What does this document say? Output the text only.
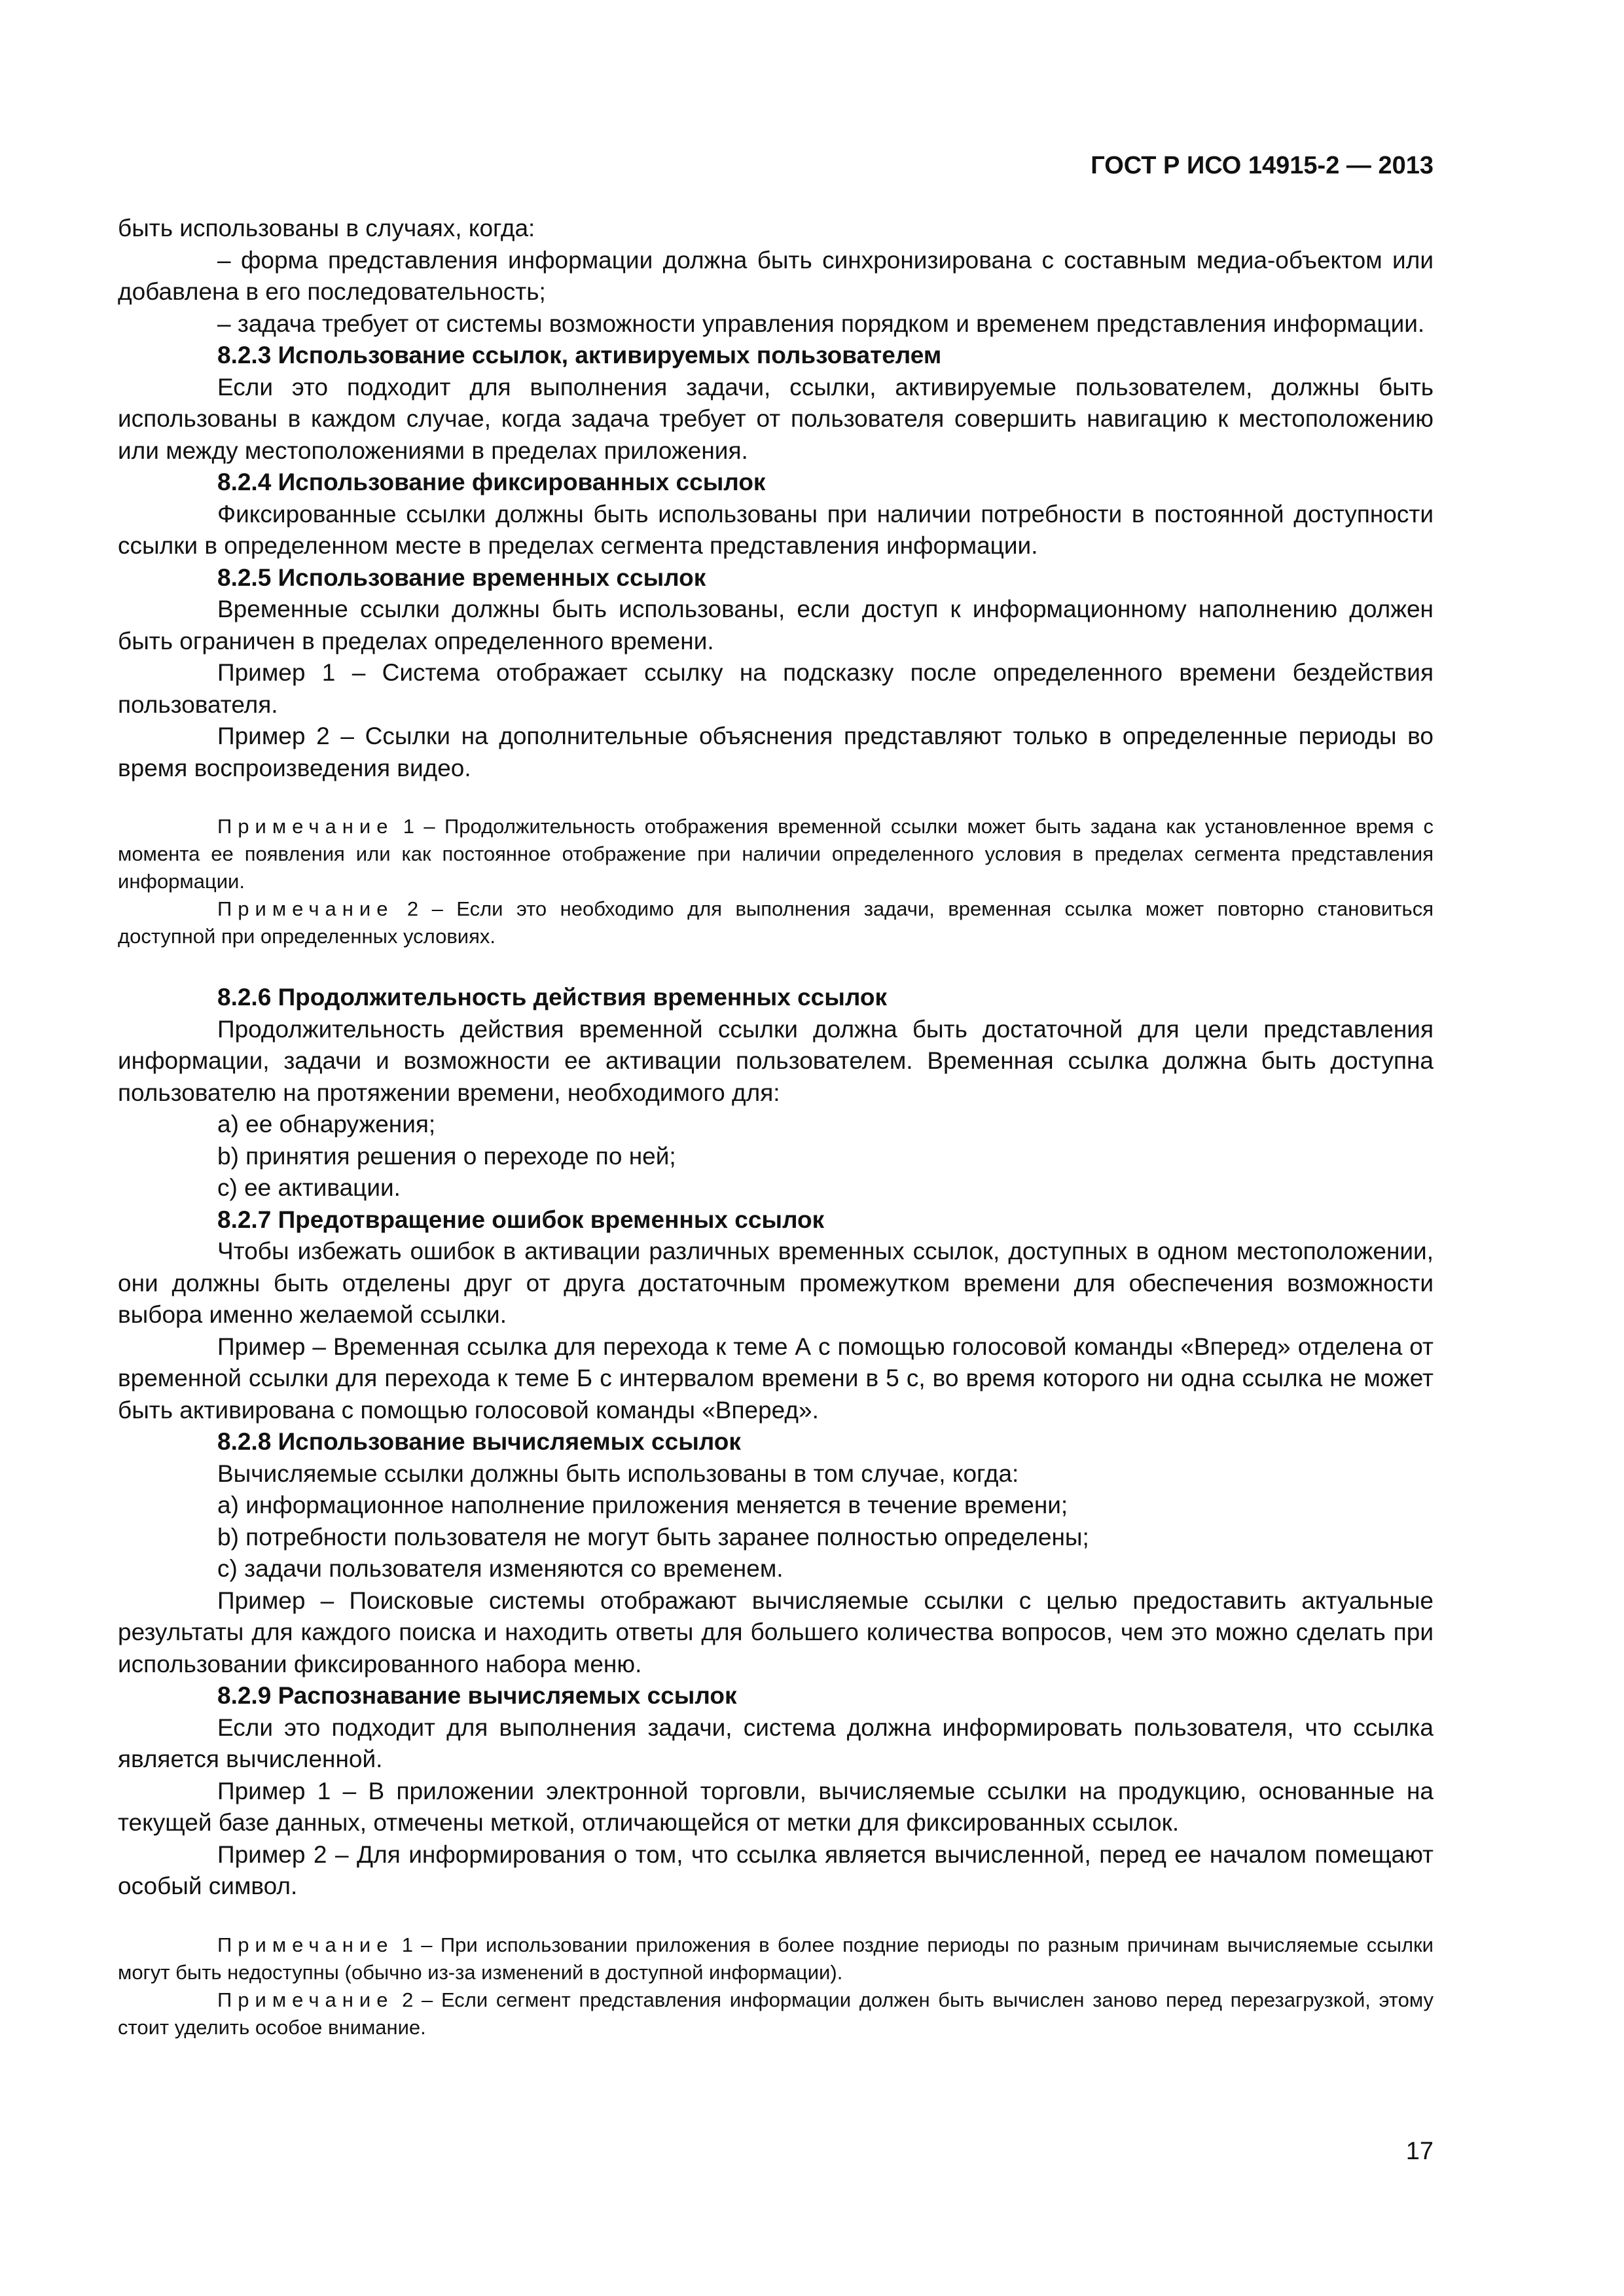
ГОСТ Р ИСО 14915-2 — 2013

быть использованы в случаях, когда:

– форма представления информации должна быть синхронизирована с составным медиа-объектом или добавлена в его последовательность;

– задача требует от системы возможности управления порядком и временем представления информации.

8.2.3 Использование ссылок, активируемых пользователем

Если это подходит для выполнения задачи, ссылки, активируемые пользователем, должны быть использованы в каждом случае, когда задача требует от пользователя совершить навигацию к местоположению или между местоположениями в пределах приложения.

8.2.4 Использование фиксированных ссылок

Фиксированные ссылки должны быть использованы при наличии потребности в постоянной доступности ссылки в определенном месте в пределах сегмента представления информации.

8.2.5 Использование временных ссылок

Временные ссылки должны быть использованы, если доступ к информационному наполнению должен быть ограничен в пределах определенного времени.

Пример 1 – Система отображает ссылку на подсказку после определенного времени бездействия пользователя.

Пример 2 – Ссылки на дополнительные объяснения представляют только в определенные периоды во время воспроизведения видео.

Примечание 1 – Продолжительность отображения временной ссылки может быть задана как установленное время с момента ее появления или как постоянное отображение при наличии определенного условия в пределах сегмента представления информации.

Примечание 2 – Если это необходимо для выполнения задачи, временная ссылка может повторно становиться доступной при определенных условиях.

8.2.6 Продолжительность действия временных ссылок

Продолжительность действия временной ссылки должна быть достаточной для цели представления информации, задачи и возможности ее активации пользователем. Временная ссылка должна быть доступна пользователю на протяжении времени, необходимого для:

a) ее обнаружения;

b) принятия решения о переходе по ней;

c) ее активации.

8.2.7 Предотвращение ошибок временных ссылок

Чтобы избежать ошибок в активации различных временных ссылок, доступных в одном местоположении, они должны быть отделены друг от друга достаточным промежутком времени для обеспечения возможности выбора именно желаемой ссылки.

Пример – Временная ссылка для перехода к теме А с помощью голосовой команды «Вперед» отделена от временной ссылки для перехода к теме Б с интервалом времени в 5 с, во время которого ни одна ссылка не может быть активирована с помощью голосовой команды «Вперед».

8.2.8 Использование вычисляемых ссылок

Вычисляемые ссылки должны быть использованы в том случае, когда:

a) информационное наполнение приложения меняется в течение времени;

b) потребности пользователя не могут быть заранее полностью определены;

c) задачи пользователя изменяются со временем.

Пример – Поисковые системы отображают вычисляемые ссылки с целью предоставить актуальные результаты для каждого поиска и находить ответы для большего количества вопросов, чем это можно сделать при использовании фиксированного набора меню.

8.2.9 Распознавание вычисляемых ссылок

Если это подходит для выполнения задачи, система должна информировать пользователя, что ссылка является вычисленной.

Пример 1 – В приложении электронной торговли, вычисляемые ссылки на продукцию, основанные на текущей базе данных, отмечены меткой, отличающейся от метки для фиксированных ссылок.

Пример 2 – Для информирования о том, что ссылка является вычисленной, перед ее началом помещают особый символ.

Примечание 1 – При использовании приложения в более поздние периоды по разным причинам вычисляемые ссылки могут быть недоступны (обычно из-за изменений в доступной информации).

Примечание 2 – Если сегмент представления информации должен быть вычислен заново перед перезагрузкой, этому стоит уделить особое внимание.

17
